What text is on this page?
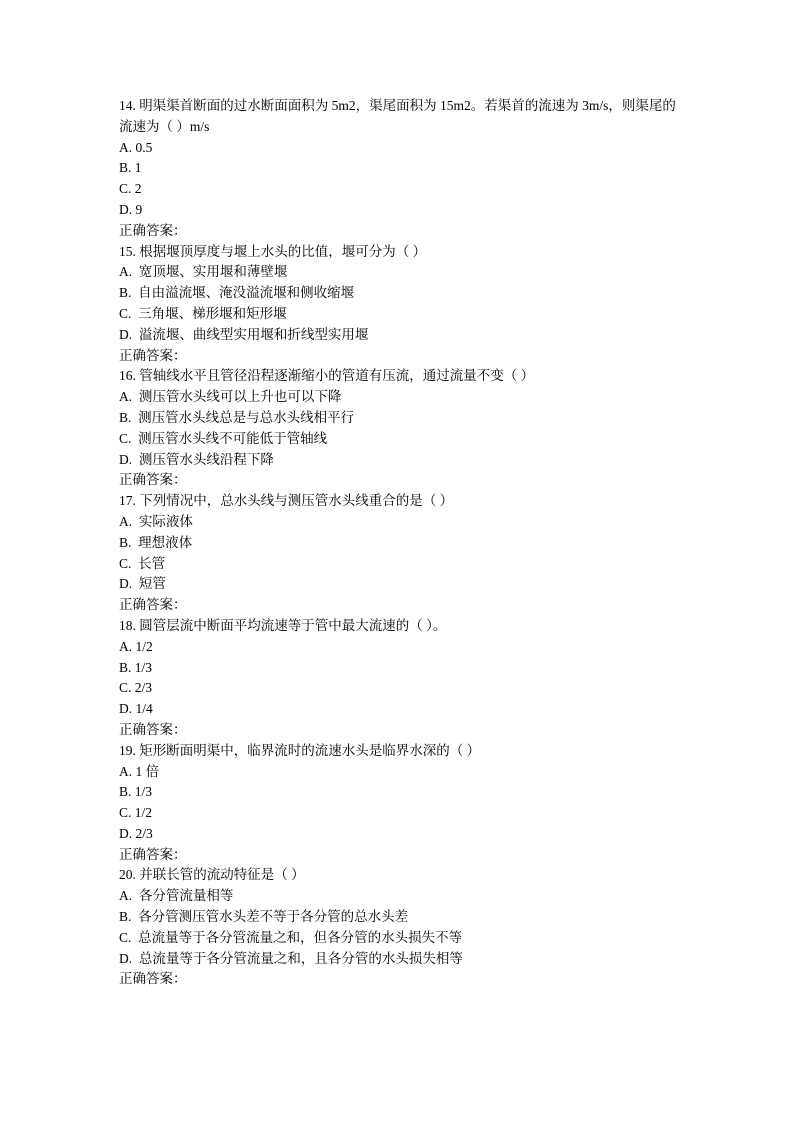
14. 明渠渠首断面的过水断面面积为 5m2，渠尾面积为 15m2。若渠首的流速为 3m/s，则渠尾的流速为（ ）m/s

A. 0.5

B. 1

C. 2

D. 9

正确答案：

15. 根据堰顶厚度与堰上水头的比值，堰可分为（ ）

A.  宽顶堰、实用堰和薄壁堰

B.  自由溢流堰、淹没溢流堰和侧收缩堰

C.  三角堰、梯形堰和矩形堰

D.  溢流堰、曲线型实用堰和折线型实用堰

正确答案：

16. 管轴线水平且管径沿程逐渐缩小的管道有压流，通过流量不变（ ）

A.  测压管水头线可以上升也可以下降

B.  测压管水头线总是与总水头线相平行

C.  测压管水头线不可能低于管轴线

D.  测压管水头线沿程下降

正确答案：

17. 下列情况中，总水头线与测压管水头线重合的是（ ）

A.  实际液体

B.  理想液体

C.  长管

D.  短管

正确答案：

18. 圆管层流中断面平均流速等于管中最大流速的（ ）。

A. 1/2

B. 1/3

C. 2/3

D. 1/4

正确答案：

19. 矩形断面明渠中，临界流时的流速水头是临界水深的（ ）

A. 1 倍

B. 1/3

C. 1/2

D. 2/3

正确答案：

20. 并联长管的流动特征是（ ）

A.  各分管流量相等

B.  各分管测压管水头差不等于各分管的总水头差

C.  总流量等于各分管流量之和，但各分管的水头损失不等

D.  总流量等于各分管流量之和，且各分管的水头损失相等

正确答案：
